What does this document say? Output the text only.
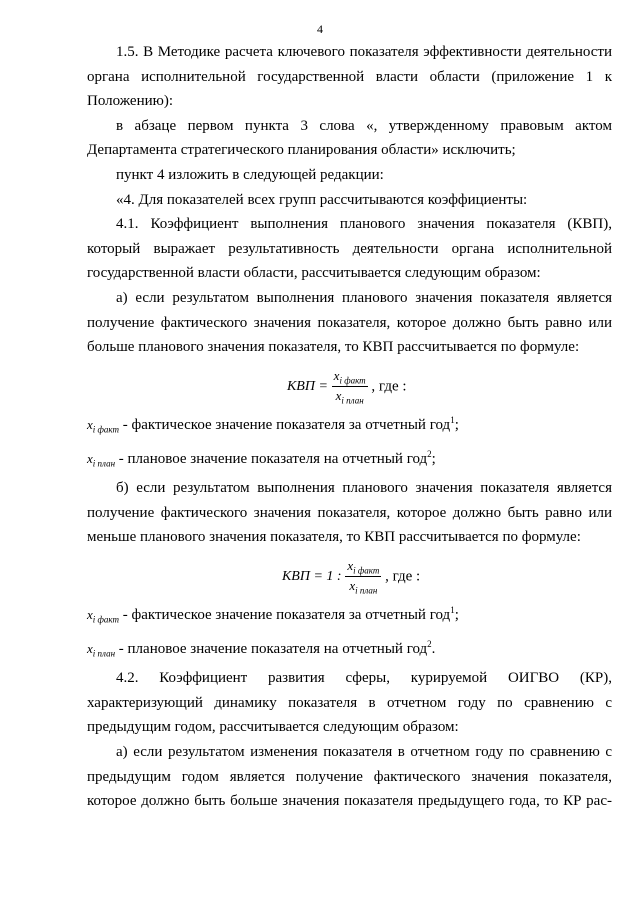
4

1.5. В Методике расчета ключевого показателя эффективности деятельности органа исполнительной государственной власти области (приложение 1 к Положению):

в абзаце первом пункта 3 слова «, утвержденному правовым актом Департамента стратегического планирования области» исключить;

пункт 4 изложить в следующей редакции:

«4. Для показателей всех групп рассчитываются коэффициенты:

4.1. Коэффициент выполнения планового значения показателя (КВП), который выражает результативность деятельности органа исполнительной государственной власти области, рассчитывается следующим образом:

а) если результатом выполнения планового значения показателя является получение фактического значения показателя, которое должно быть равно или больше планового значения показателя, то КВП рассчитывается по формуле:

КВП = $\frac{x_{i факт}}{x_{i план}}$ , где :

$x_{i факт}$ - фактическое значение показателя за отчетный год$^1$;

$x_{i план}$ - плановое значение показателя на отчетный год$^2$;

б) если результатом выполнения планового значения показателя является получение фактического значения показателя, которое должно быть равно или меньше планового значения показателя, то КВП рассчитывается по формуле:

КВП = 1 : $\frac{x_{i факт}}{x_{i план}}$ , где :

$x_{i факт}$ - фактическое значение показателя за отчетный год$^1$;

$x_{i план}$ - плановое значение показателя на отчетный год$^2$.

4.2. Коэффициент развития сферы, курируемой ОИГВО (КР), характеризующий динамику показателя в отчетном году по сравнению с предыдущим годом, рассчитывается следующим образом:

а) если результатом изменения показателя в отчетном году по сравнению с предыдущим годом является получение фактического значения показателя, которое должно быть больше значения показателя предыдущего года, то КР рас-
